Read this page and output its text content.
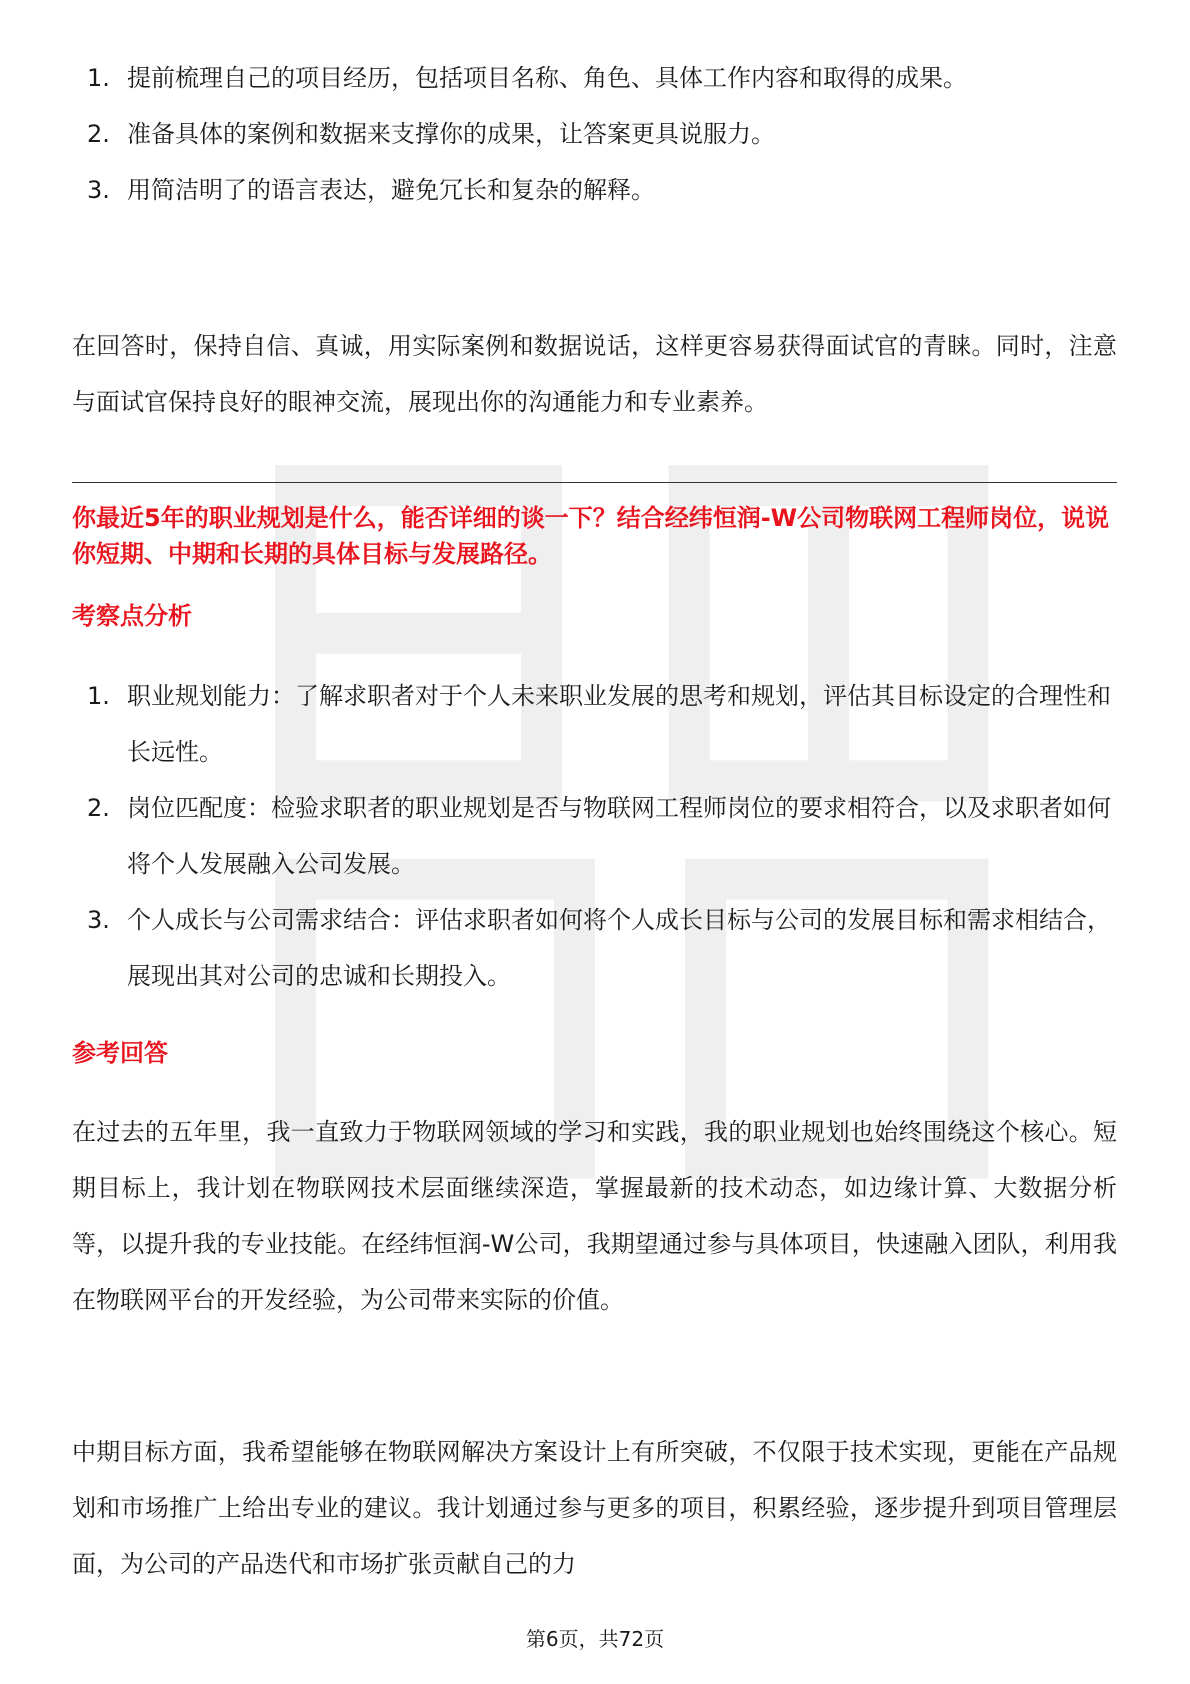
1. 提前梳理自己的项目经历，包括项目名称、角色、具体工作内容和取得的成果。
2. 准备具体的案例和数据来支撑你的成果，让答案更具说服力。
3. 用简洁明了的语言表达，避免冗长和复杂的解释。

在回答时，保持自信、真诚，用实际案例和数据说话，这样更容易获得面试官的青睐。同时，注意与面试官保持良好的眼神交流，展现出你的沟通能力和专业素养。

你最近5年的职业规划是什么，能否详细的谈一下？结合经纬恒润-W公司物联网工程师岗位，说说你短期、中期和长期的具体目标与发展路径。

考察点分析

1. 职业规划能力：了解求职者对于个人未来职业发展的思考和规划，评估其目标设定的合理性和长远性。
2. 岗位匹配度：检验求职者的职业规划是否与物联网工程师岗位的要求相符合，以及求职者如何将个人发展融入公司发展。
3. 个人成长与公司需求结合：评估求职者如何将个人成长目标与公司的发展目标和需求相结合，展现出其对公司的忠诚和长期投入。

参考回答

在过去的五年里，我一直致力于物联网领域的学习和实践，我的职业规划也始终围绕这个核心。短期目标上，我计划在物联网技术层面继续深造，掌握最新的技术动态，如边缘计算、大数据分析等，以提升我的专业技能。在经纬恒润-W公司，我期望通过参与具体项目，快速融入团队，利用我在物联网平台的开发经验，为公司带来实际的价值。

中期目标方面，我希望能够在物联网解决方案设计上有所突破，不仅限于技术实现，更能在产品规划和市场推广上给出专业的建议。我计划通过参与更多的项目，积累经验，逐步提升到项目管理层面，为公司的产品迭代和市场扩张贡献自己的力

第6页，共72页
